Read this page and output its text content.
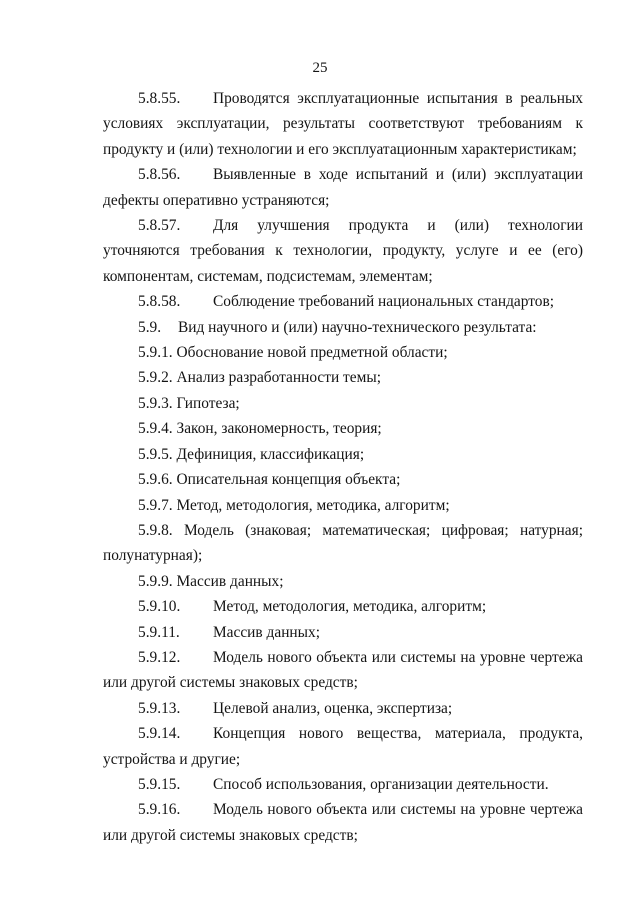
25

5.8.55. Проводятся эксплуатационные испытания в реальных условиях эксплуатации, результаты соответствуют требованиям к продукту и (или) технологии и его эксплуатационным характеристикам;

5.8.56. Выявленные в ходе испытаний и (или) эксплуатации дефекты оперативно устраняются;

5.8.57. Для улучшения продукта и (или) технологии уточняются требования к технологии, продукту, услуге и ее (его) компонентам, системам, подсистемам, элементам;

5.8.58. Соблюдение требований национальных стандартов;

5.9. Вид научного и (или) научно-технического результата:

5.9.1. Обоснование новой предметной области;

5.9.2. Анализ разработанности темы;

5.9.3. Гипотеза;

5.9.4. Закон, закономерность, теория;

5.9.5. Дефиниция, классификация;

5.9.6. Описательная концепция объекта;

5.9.7. Метод, методология, методика, алгоритм;

5.9.8. Модель (знаковая; математическая; цифровая; натурная; полунатурная);

5.9.9. Массив данных;

5.9.10. Метод, методология, методика, алгоритм;

5.9.11. Массив данных;

5.9.12. Модель нового объекта или системы на уровне чертежа или другой системы знаковых средств;

5.9.13. Целевой анализ, оценка, экспертиза;

5.9.14. Концепция нового вещества, материала, продукта, устройства и другие;

5.9.15. Способ использования, организации деятельности.

5.9.16. Модель нового объекта или системы на уровне чертежа или другой системы знаковых средств;
